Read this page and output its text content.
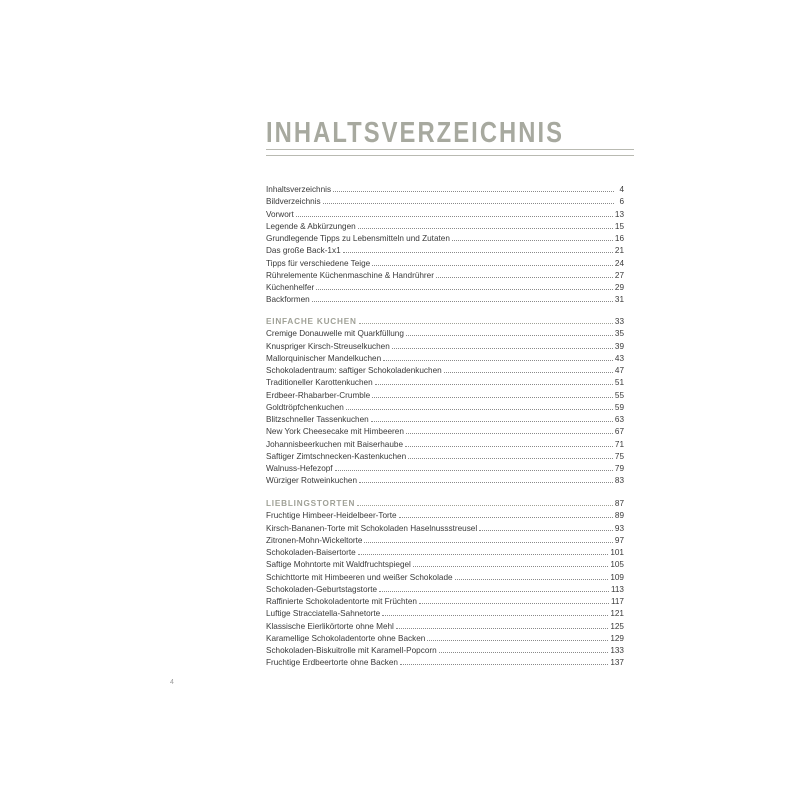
INHALTSVERZEICHNIS
Inhaltsverzeichnis	4
Bildverzeichnis	6
Vorwort	13
Legende & Abkürzungen	15
Grundlegende Tipps zu Lebensmitteln und Zutaten	16
Das große Back-1x1	21
Tipps für verschiedene Teige	24
Rührelemente Küchenmaschine & Handrührer	27
Küchenhelfer	29
Backformen	31
EINFACHE KUCHEN	33
Cremige Donauwelle mit Quarkfüllung	35
Knuspriger Kirsch-Streuselkuchen	39
Mallorquinischer Mandelkuchen	43
Schokoladentraum: saftiger Schokoladenkuchen	47
Traditioneller Karottenkuchen	51
Erdbeer-Rhabarber-Crumble	55
Goldtröpfchenkuchen	59
Blitzschneller Tassenkuchen	63
New York Cheesecake mit Himbeeren	67
Johannisbeerkuchen mit Baiserhaube	71
Saftiger Zimtschnecken-Kastenkuchen	75
Walnuss-Hefezopf	79
Würziger Rotweinkuchen	83
LIEBLINGSTORTEN	87
Fruchtige Himbeer-Heidelbeer-Torte	89
Kirsch-Bananen-Torte mit Schokoladen Haselnussstreusel	93
Zitronen-Mohn-Wickeltorte	97
Schokoladen-Baisertorte	101
Saftige Mohntorte mit Waldfruchtspiegel	105
Schichttorte mit Himbeeren und weißer Schokolade	109
Schokoladen-Geburtstagstorte	113
Raffinierte Schokoladentorte mit Früchten	117
Luftige Stracciatella-Sahnetorte	121
Klassische Eierlikörtorte ohne Mehl	125
Karamellige Schokoladentorte ohne Backen	129
Schokoladen-Biskuitrolle mit Karamell-Popcorn	133
Fruchtige Erdbeertorte ohne Backen	137
4
